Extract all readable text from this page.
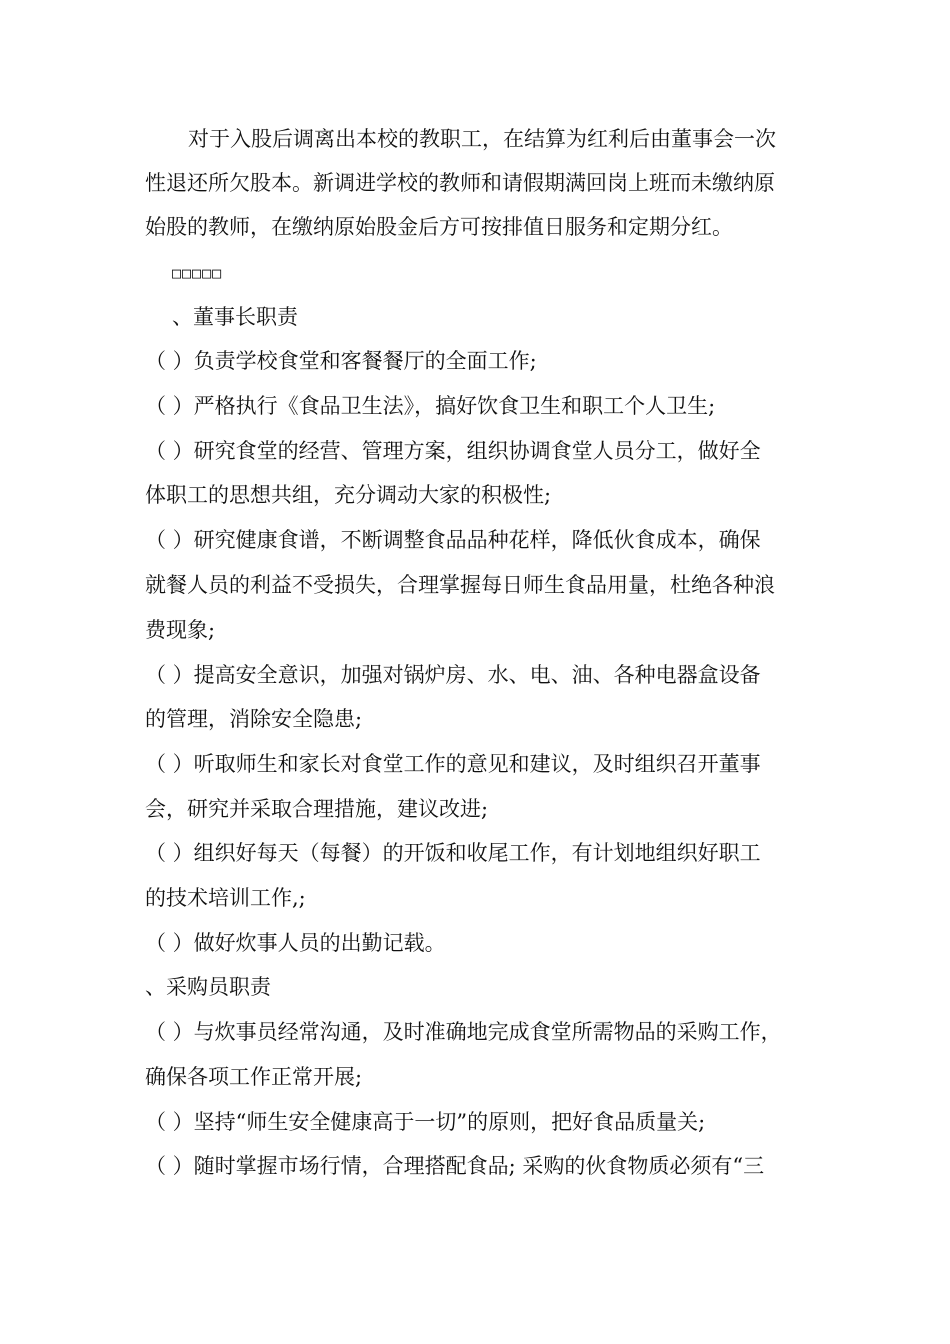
对于入股后调离出本校的教职工，在结算为红利后由董事会一次
性退还所欠股本。新调进学校的教师和请假期满回岗上班而未缴纳原
始股的教师，在缴纳原始股金后方可按排值日服务和定期分红。
□□□□□
、董事长职责
（ ）负责学校食堂和客餐餐厅的全面工作;
（ ）严格执行《食品卫生法》，搞好饮食卫生和职工个人卫生;
（ ）研究食堂的经营、管理方案，组织协调食堂人员分工，做好全
体职工的思想共组，充分调动大家的积极性;
（ ）研究健康食谱，不断调整食品品种花样，降低伙食成本，确保
就餐人员的利益不受损失，合理掌握每日师生食品用量，杜绝各种浪
费现象;
（ ）提高安全意识，加强对锅炉房、水、电、油、各种电器盒设备
的管理，消除安全隐患;
（ ）听取师生和家长对食堂工作的意见和建议，及时组织召开董事
会，研究并采取合理措施，建议改进;
（ ）组织好每天（每餐）的开饭和收尾工作，有计划地组织好职工
的技术培训工作,;
（ ）做好炊事人员的出勤记载。
、采购员职责
（ ）与炊事员经常沟通，及时准确地完成食堂所需物品的采购工作，
确保各项工作正常开展;
（ ）坚持“师生安全健康高于一切”的原则，把好食品质量关;
（ ）随时掌握市场行情，合理搭配食品; 采购的伙食物质必须有“三
